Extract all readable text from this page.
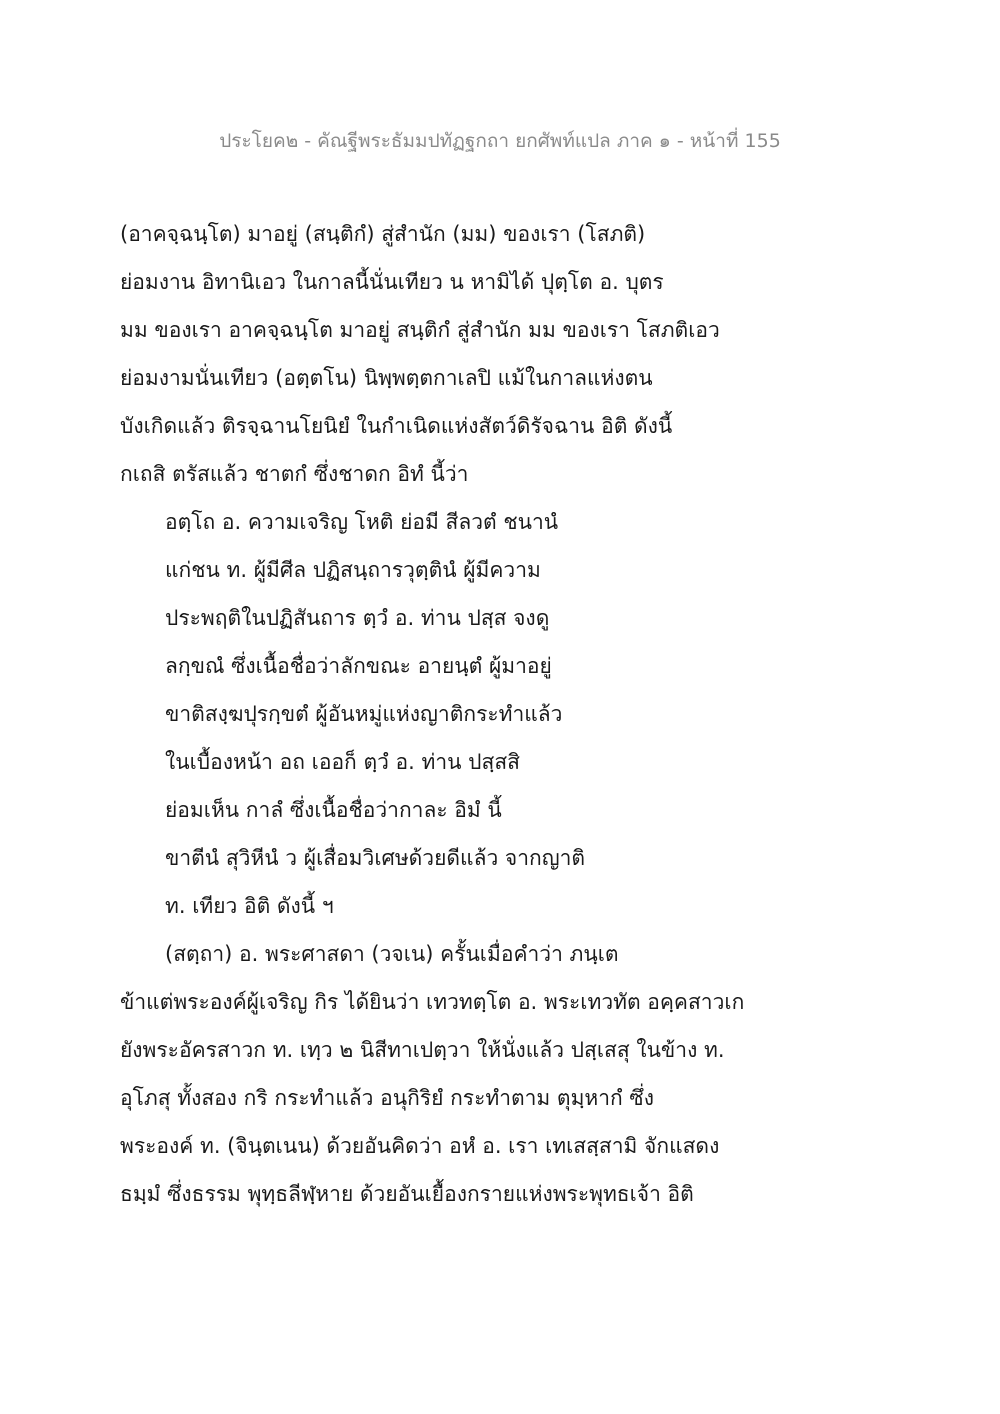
ประโยค๒ - คัณฐีพระธัมมปทัฏฐกถา ยกศัพท์แปล ภาค ๑ - หน้าที่ 155
(อาคจฺฉนฺโต) มาอยู่ (สนฺติกํ) สู่สำนัก (มม) ของเรา (โสภติ)
ย่อมงาน อิทานิเอว ในกาลนี้นั่นเทียว น หามิได้ ปุตฺโต อ. บุตร
มม ของเรา อาคจฺฉนฺโต มาอยู่ สนฺติกํ สู่สำนัก มม ของเรา โสภติเอว
ย่อมงามนั่นเทียว (อตฺตโน) นิพฺพตฺตกาเลปิ แม้ในกาลแห่งตน
บังเกิดแล้ว ติรจฺฉานโยนิยํ ในกำเนิดแห่งสัตว์ดิรัจฉาน อิติ ดังนี้
กเถสิ ตรัสแล้ว ชาตกํ ซึ่งชาดก อิทํ นี้ว่า
อตฺโถ อ. ความเจริญ โหติ ย่อมี สีลวตํ ชนานํ
แก่ชน ท. ผู้มีศีล ปฏิสนฺถารวุตฺตินํ ผู้มีความ
ประพฤติในปฏิสันถาร ตฺวํ อ. ท่าน ปสฺส จงดู
ลกฺขณํ ซึ่งเนื้อชื่อว่าลักขณะ อายนฺตํ ผู้มาอยู่
ขาติสงฺฆปุรกฺขตํ ผู้อันหมู่แห่งญาติกระทำแล้ว
ในเบื้องหน้า อถ เออก็ ตฺวํ อ. ท่าน ปสฺสสิ
ย่อมเห็น กาลํ ซึ่งเนื้อชื่อว่ากาละ อิมํ นี้
ขาตีนํ สุวิหีนํ ว ผู้เสื่อมวิเศษด้วยดีแล้ว จากญาติ
ท. เทียว อิติ ดังนี้ ฯ
(สตฺถา) อ. พระศาสดา (วจเน) ครั้นเมื่อคำว่า ภนฺเต
ข้าแต่พระองค์ผู้เจริญ กิร ได้ยินว่า เทวทตฺโต อ. พระเทวทัต อคฺคสาวเก
ยังพระอัครสาวก ท. เทฺว ๒ นิสีทาเปตฺวา ให้นั่งแล้ว ปสฺเสสุ ในข้าง ท.
อุโภสุ ทั้งสอง กริ กระทำแล้ว อนุกิริยํ กระทำตาม ตุมฺหากํ ซึ่ง
พระองค์ ท. (จินฺตเนน) ด้วยอันคิดว่า อหํ อ. เรา เทเสสฺสามิ จักแสดง
ธมฺมํ ซึ่งธรรม พุทฺธลีฬฺหาย ด้วยอันเยื้องกรายแห่งพระพุทธเจ้า อิติ
